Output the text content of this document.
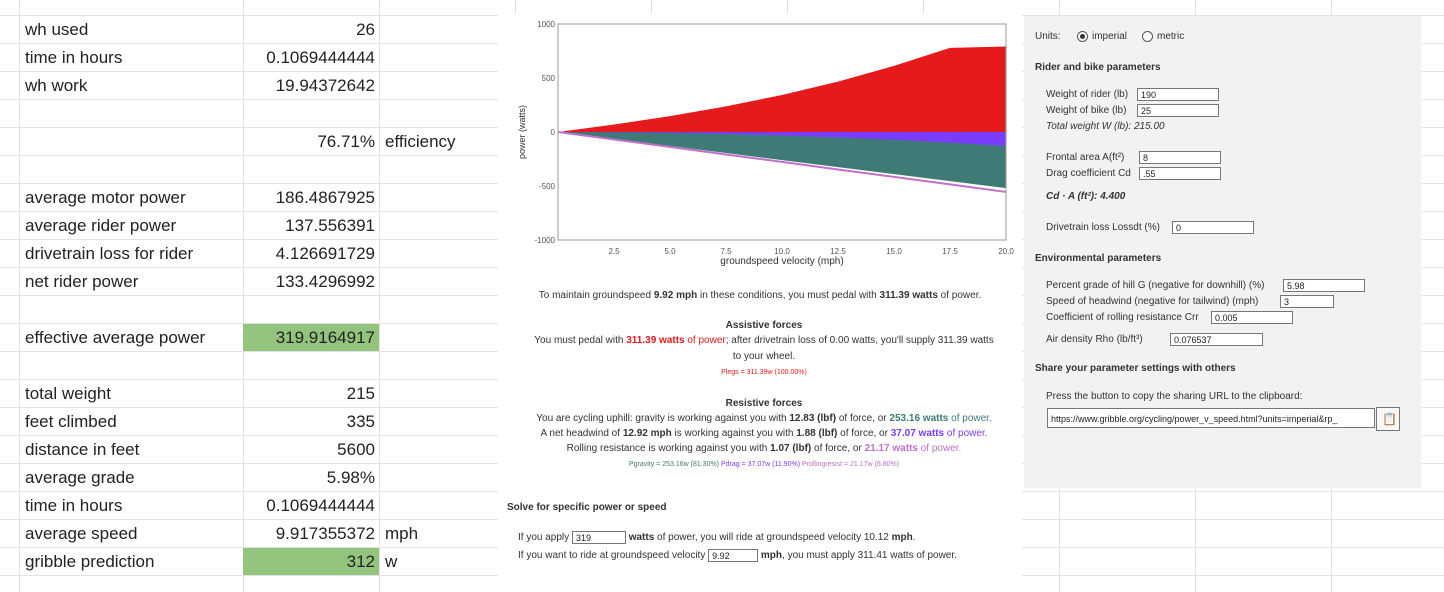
wh used	26
time in hours	0.1069444444
wh work	19.94372642
76.71% efficiency
average motor power	186.4867925
average rider power	137.556391
drivetrain loss for rider	4.126691729
net rider power	133.4296992
effective average power	319.9164917
total weight	215
feet climbed	335
distance in feet	5600
average grade	5.98%
time in hours	0.1069444444
average speed	9.917355372 mph
gribble prediction	312 w
1000
500
0
-500
-1000
2.5	5.0	7.5	10.0	12.5	15.0	17.5	20.0
groundspeed velocity (mph)
power (watts)
To maintain groundspeed 9.92 mph in these conditions, you must pedal with 311.39 watts of power.
Assistive forces
You must pedal with 311.39 watts of power; after drivetrain loss of 0.00 watts, you'll supply 311.39 watts
to your wheel.
Plegs = 311.39w (100.00%)
Resistive forces
You are cycling uphill: gravity is working against you with 12.83 (lbf) of force, or 253.16 watts of power.
A net headwind of 12.92 mph is working against you with 1.88 (lbf) of force, or 37.07 watts of power.
Rolling resistance is working against you with 1.07 (lbf) of force, or 21.17 watts of power.
Pgravity = 253.16w (81.30%) Pdrag = 37.07w (11.90%) Prollingresist = 21.17w (6.80%)
Solve for specific power or speed
If you apply 319	watts of power, you will ride at groundspeed velocity 10.12 mph.
If you want to ride at groundspeed velocity 9.92	mph, you must apply 311.41 watts of power.
Units:	imperial	metric
Rider and bike parameters
Weight of rider (lb)	190
Weight of bike (lb)	25
Total weight W (lb): 215.00
Frontal area A(ft²)	8
Drag coefficient Cd	.55
Cd · A (ft²): 4.400
Drivetrain loss Lossdt (%)	0
Environmental parameters
Percent grade of hill G (negative for downhill) (%)	5.98
Speed of headwind (negative for tailwind) (mph)	3
Coefficient of rolling resistance Crr	0.005
Air density Rho (lb/ft³)	0.076537
Share your parameter settings with others
Press the button to copy the sharing URL to the clipboard:
https://www.gribble.org/cycling/power_v_speed.html?units=imperial&rp_	📋
